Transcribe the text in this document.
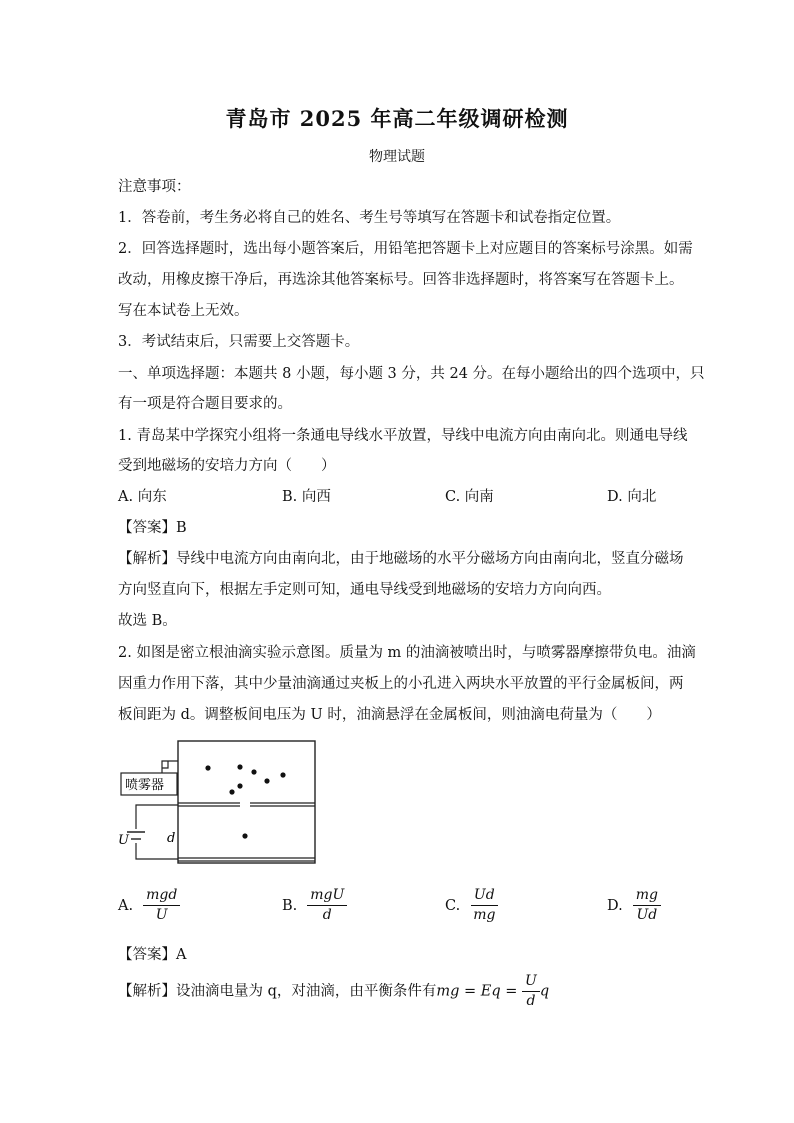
青岛市 2025 年高二年级调研检测
物理试题
注意事项：
1．答卷前，考生务必将自己的姓名、考生号等填写在答题卡和试卷指定位置。
2．回答选择题时，选出每小题答案后，用铅笔把答题卡上对应题目的答案标号涂黑。如需
改动，用橡皮擦干净后，再选涂其他答案标号。回答非选择题时，将答案写在答题卡上。
写在本试卷上无效。
3．考试结束后，只需要上交答题卡。
一、单项选择题：本题共 8 小题，每小题 3 分，共 24 分。在每小题给出的四个选项中，只
有一项是符合题目要求的。
1. 青岛某中学探究小组将一条通电导线水平放置，导线中电流方向由南向北。则通电导线
受到地磁场的安培力方向（　　）
A. 向东	B. 向西	C. 向南	D. 向北
【答案】B
【解析】导线中电流方向由南向北，由于地磁场的水平分磁场方向由南向北，竖直分磁场
方向竖直向下，根据左手定则可知，通电导线受到地磁场的安培力方向向西。
故选 B。
2. 如图是密立根油滴实验示意图。质量为 m 的油滴被喷出时，与喷雾器摩擦带负电。油滴
因重力作用下落，其中少量油滴通过夹板上的小孔进入两块水平放置的平行金属板间，两
板间距为 d。调整板间电压为 U 时，油滴悬浮在金属板间，则油滴电荷量为（　　）
喷雾器
U	d
A. $\frac{\text{mgd}}{U}$	B. $\frac{\text{mgU}}{d}$	C. $\frac{Ud}{mg}$	D. $\frac{mg}{Ud}$
【答案】A
【解析】设油滴电量为 q，对油滴，由平衡条件有mg = $Eq = \frac{U}{d}$ q
